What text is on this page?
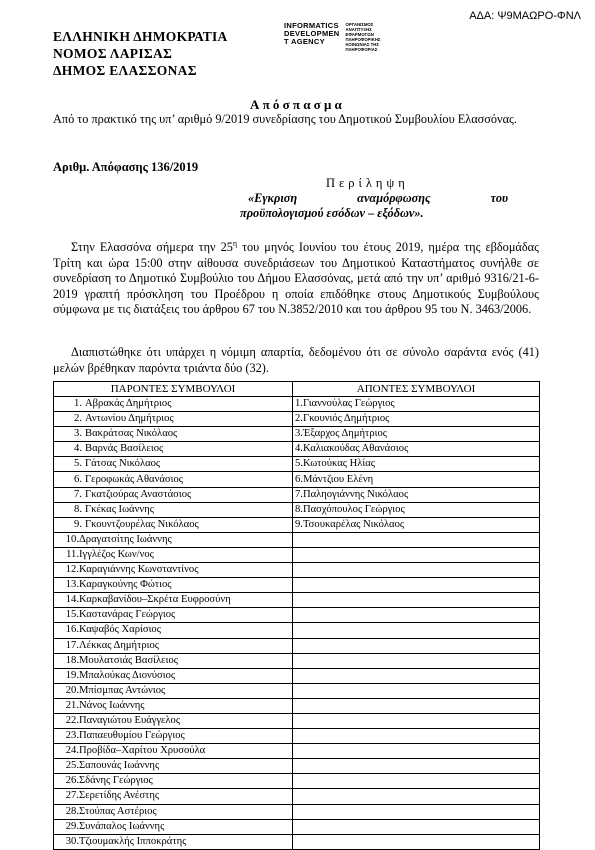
ΑΔΑ: Ψ9ΜΑΩΡΟ-ΦΝΛ
ΕΛΛΗΝΙΚΗ ΔΗΜΟΚΡΑΤΙΑ
ΝΟΜΟΣ ΛΑΡΙΣΑΣ
ΔΗΜΟΣ ΕΛΑΣΣΟΝΑΣ
INFORMATICS
DEVELOPMEN
T AGENCY
ΟΡΓΑΝΙΣΜΟΣ
ΑΝΑΠΤΥΞΗΣ
ΕΦΑΡΜΟΓΩΝ
ΠΛΗΡΟΦΟΡΙΚΗΣ
ΚΟΙΝΩΝΙΑΣ ΤΗΣ
ΠΛΗΡΟΦΟΡΙΑΣ
Απόσπασμα
Από το πρακτικό της υπ’ αριθμό 9/2019 συνεδρίασης του Δημοτικού Συμβουλίου Ελασσόνας.
Αριθμ. Απόφασης 136/2019
Περίληψη
«Εγκριση αναμόρφωσης του
προϋπολογισμού εσόδων – εξόδων».
Στην Ελασσόνα σήμερα την $25^\eta$ του μηνός Ιουνίου του έτους 2019, ημέρα της εβδομάδας Τρίτη και ώρα 15:00 στην αίθουσα συνεδριάσεων του Δημοτικού Καταστήματος συνήλθε σε συνεδρίαση το Δημοτικό Συμβούλιο του Δήμου Ελασσόνας, μετά από την υπ’ αριθμό 9316/21-6-2019 γραπτή πρόσκληση του Προέδρου η οποία επιδόθηκε στους Δημοτικούς Συμβούλους σύμφωνα με τις διατάξεις του άρθρου 67 του Ν.3852/2010 και του άρθρου 95 του Ν. 3463/2006.
Διαπιστώθηκε ότι υπάρχει η νόμιμη απαρτία, δεδομένου ότι σε σύνολο σαράντα ενός (41) μελών βρέθηκαν παρόντα τριάντα δύο (32).
ΠΑΡΟΝΤΕΣ ΣΥΜΒΟΥΛΟΙ	ΑΠΟΝΤΕΣ ΣΥΜΒΟΥΛΟΙ
1. Αβρακάς Δημήτριος	1.Γιαννούλας Γεώργιος
2. Αντωνίου Δημήτριος	2.Γκουνιός Δημήτριος
3. Βακράτσας Νικόλαος	3.Έξαρχος Δημήτριος
4. Βαρνάς Βασίλειος	4.Καλιακούδας Αθανάσιος
5. Γάτσας Νικόλαος	5.Κωτούκας Ηλίας
6. Γεροφωκάς Αθανάσιος	6.Μάντζιου Ελένη
7. Γκατζιούρας Αναστάσιος	7.Παληογιάννης Νικόλαος
8. Γκέκας Ιωάννης	8.Πασχόπουλος Γεώργιος
9. Γκουντζουρέλας Νικόλαος	9.Τσουκαρέλας Νικόλαος
10.Δραγατσίτης Ιωάννης	
11.Ιγγλέζος Κων/νος	
12.Καραγιάννης Κωνσταντίνος	
13.Καραγκούνης Φώτιος	
14.Καρκαβανίδου–Σκρέτα Ευφροσύνη	
15.Καστανάρας Γεώργιος	
16.Καψαβός Χαρίσιος	
17.Λέκκας Δημήτριος	
18.Μουλατσιάς Βασίλειος	
19.Μπαλούκας Διονύσιος	
20.Μπίσμπας Αντώνιος	
21.Νάνος Ιωάννης	
22.Παναγιώτου Ευάγγελος	
23.Παπαευθυμίου Γεώργιος	
24.Προβίδα–Χαρίτου Χρυσούλα	
25.Σαπουνάς Ιωάννης	
26.Σδάνης Γεώργιος	
27.Σερετίδης Ανέστης	
28.Στούπας Αστέριος	
29.Συνάπαλος Ιωάννης	
30.Τζιουμακλής Ιπποκράτης	
